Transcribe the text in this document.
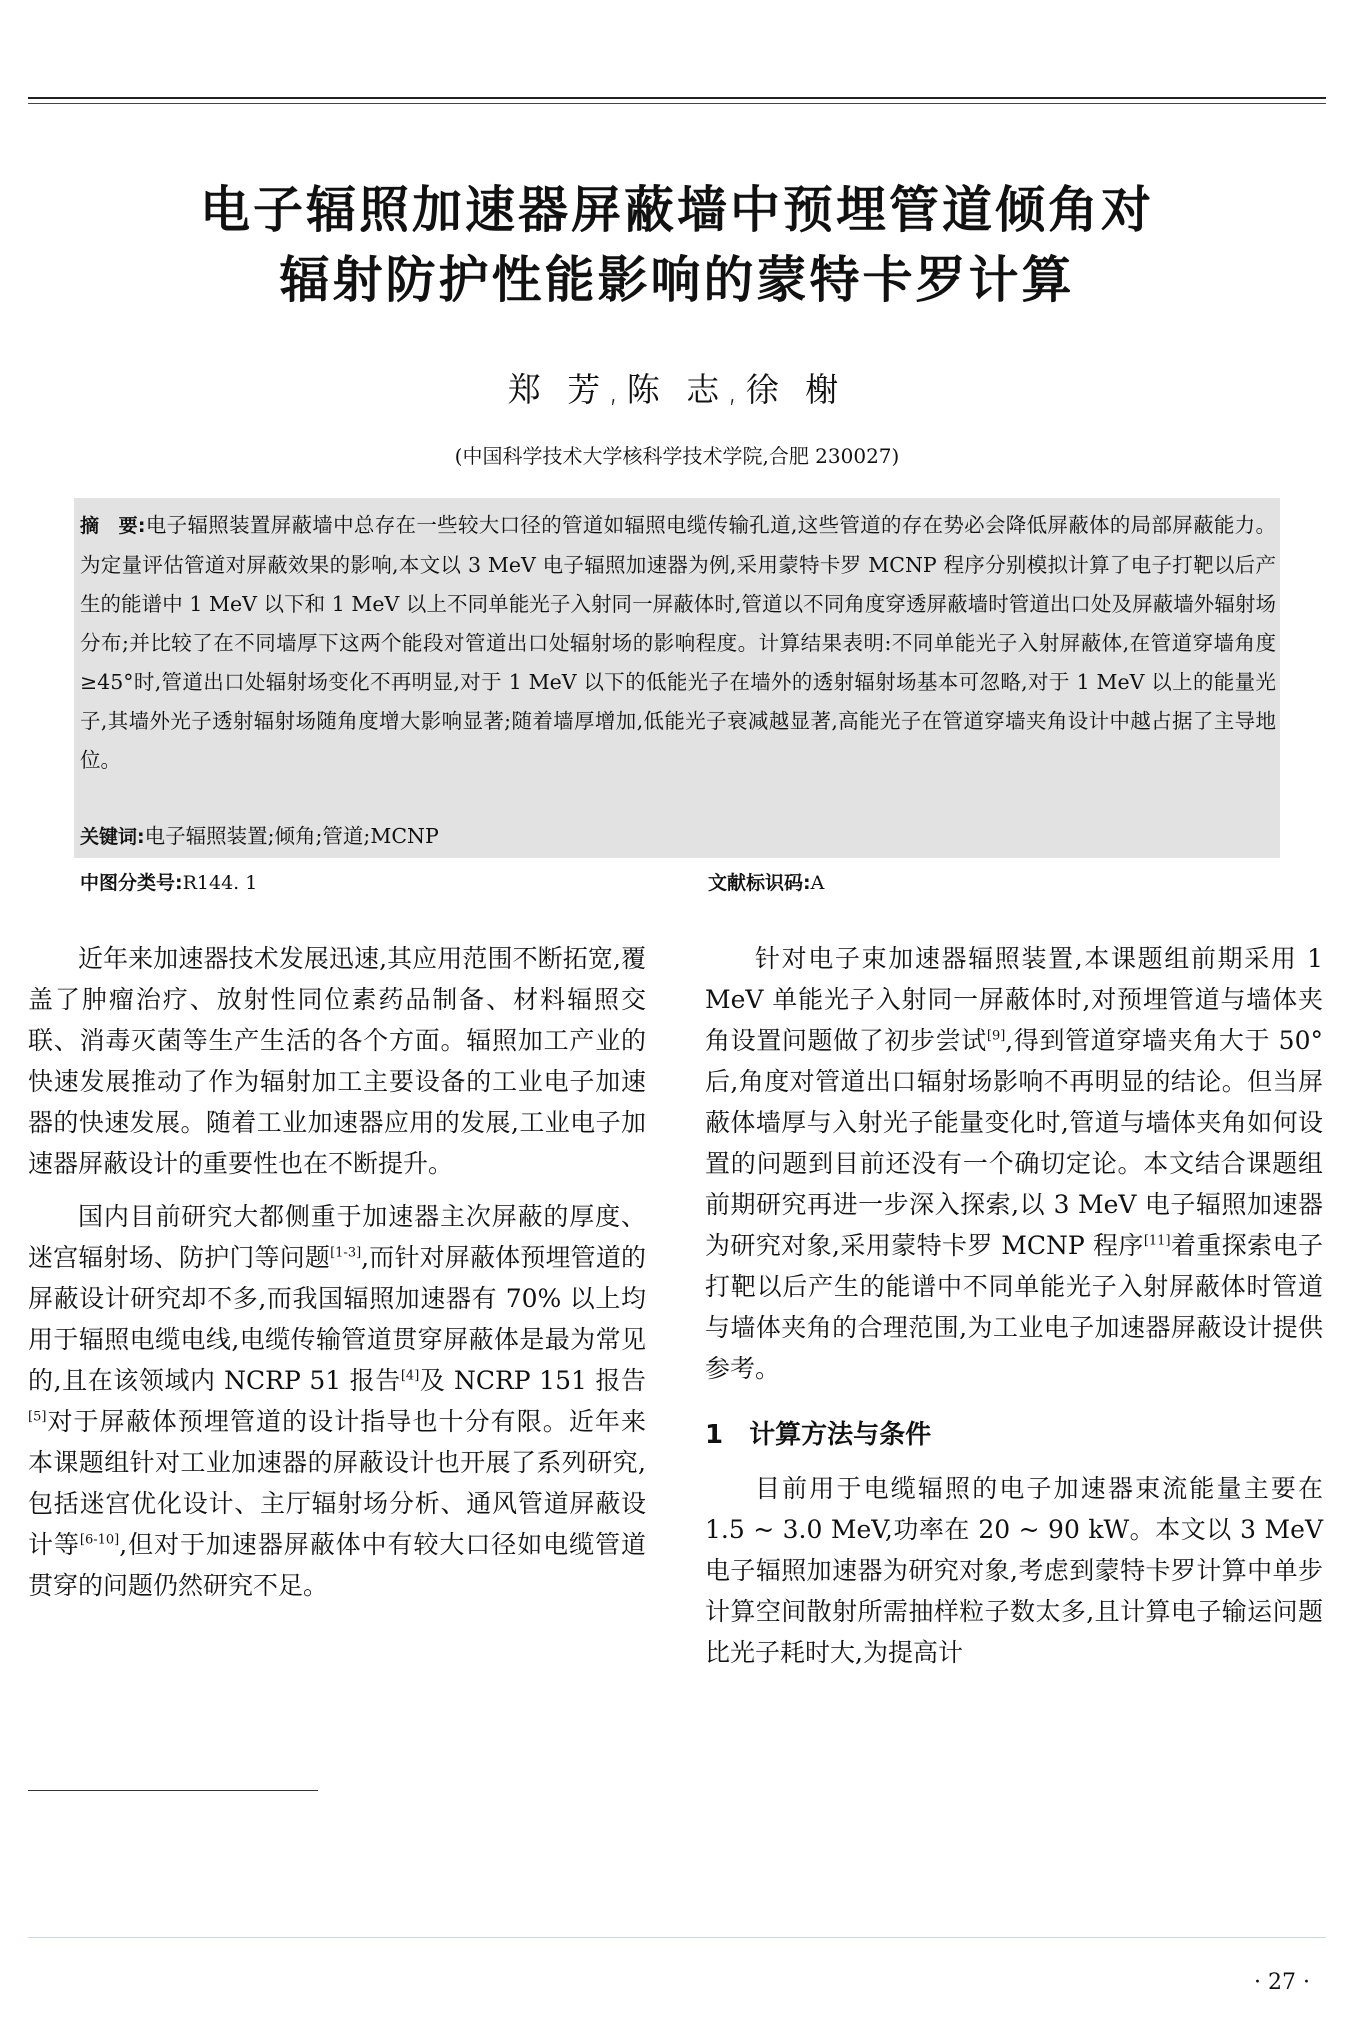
电子辐照加速器屏蔽墙中预埋管道倾角对
辐射防护性能影响的蒙特卡罗计算
郑 芳,陈 志,徐 榭
(中国科学技术大学核科学技术学院,合肥 230027)
摘　要:电子辐照装置屏蔽墙中总存在一些较大口径的管道如辐照电缆传输孔道,这些管道的存在势必会降低屏蔽体的局部屏蔽能力。为定量评估管道对屏蔽效果的影响,本文以 3 MeV 电子辐照加速器为例,采用蒙特卡罗 MCNP 程序分别模拟计算了电子打靶以后产生的能谱中 1 MeV 以下和 1 MeV 以上不同单能光子入射同一屏蔽体时,管道以不同角度穿透屏蔽墙时管道出口处及屏蔽墙外辐射场分布;并比较了在不同墙厚下这两个能段对管道出口处辐射场的影响程度。计算结果表明:不同单能光子入射屏蔽体,在管道穿墙角度 ≥45°时,管道出口处辐射场变化不再明显,对于 1 MeV 以下的低能光子在墙外的透射辐射场基本可忽略,对于 1 MeV 以上的能量光子,其墙外光子透射辐射场随角度增大影响显著;随着墙厚增加,低能光子衰减越显著,高能光子在管道穿墙夹角设计中越占据了主导地位。
关键词:电子辐照装置;倾角;管道;MCNP
中图分类号:R144. 1	文献标识码:A

近年来加速器技术发展迅速,其应用范围不断拓宽,覆盖了肿瘤治疗、放射性同位素药品制备、材料辐照交联、消毒灭菌等生产生活的各个方面。辐照加工产业的快速发展推动了作为辐射加工主要设备的工业电子加速器的快速发展。随着工业加速器应用的发展,工业电子加速器屏蔽设计的重要性也在不断提升。

国内目前研究大都侧重于加速器主次屏蔽的厚度、迷宫辐射场、防护门等问题[1-3],而针对屏蔽体预埋管道的屏蔽设计研究却不多,而我国辐照加速器有 70% 以上均用于辐照电缆电线,电缆传输管道贯穿屏蔽体是最为常见的,且在该领域内 NCRP 51 报告[4]及 NCRP 151 报告[5]对于屏蔽体预埋管道的设计指导也十分有限。近年来本课题组针对工业加速器的屏蔽设计也开展了系列研究,包括迷宫优化设计、主厅辐射场分析、通风管道屏蔽设计等[6-10],但对于加速器屏蔽体中有较大口径如电缆管道贯穿的问题仍然研究不足。

针对电子束加速器辐照装置,本课题组前期采用 1 MeV 单能光子入射同一屏蔽体时,对预埋管道与墙体夹角设置问题做了初步尝试[9],得到管道穿墙夹角大于 50°后,角度对管道出口辐射场影响不再明显的结论。但当屏蔽体墙厚与入射光子能量变化时,管道与墙体夹角如何设置的问题到目前还没有一个确切定论。本文结合课题组前期研究再进一步深入探索,以 3 MeV 电子辐照加速器为研究对象,采用蒙特卡罗 MCNP 程序[11]着重探索电子打靶以后产生的能谱中不同单能光子入射屏蔽体时管道与墙体夹角的合理范围,为工业电子加速器屏蔽设计提供参考。

1 计算方法与条件

目前用于电缆辐照的电子加速器束流能量主要在 1.5 ~ 3.0 MeV,功率在 20 ~ 90 kW。本文以 3 MeV 电子辐照加速器为研究对象,考虑到蒙特卡罗计算中单步计算空间散射所需抽样粒子数太多,且计算电子输运问题比光子耗时大,为提高计

· 27 ·
